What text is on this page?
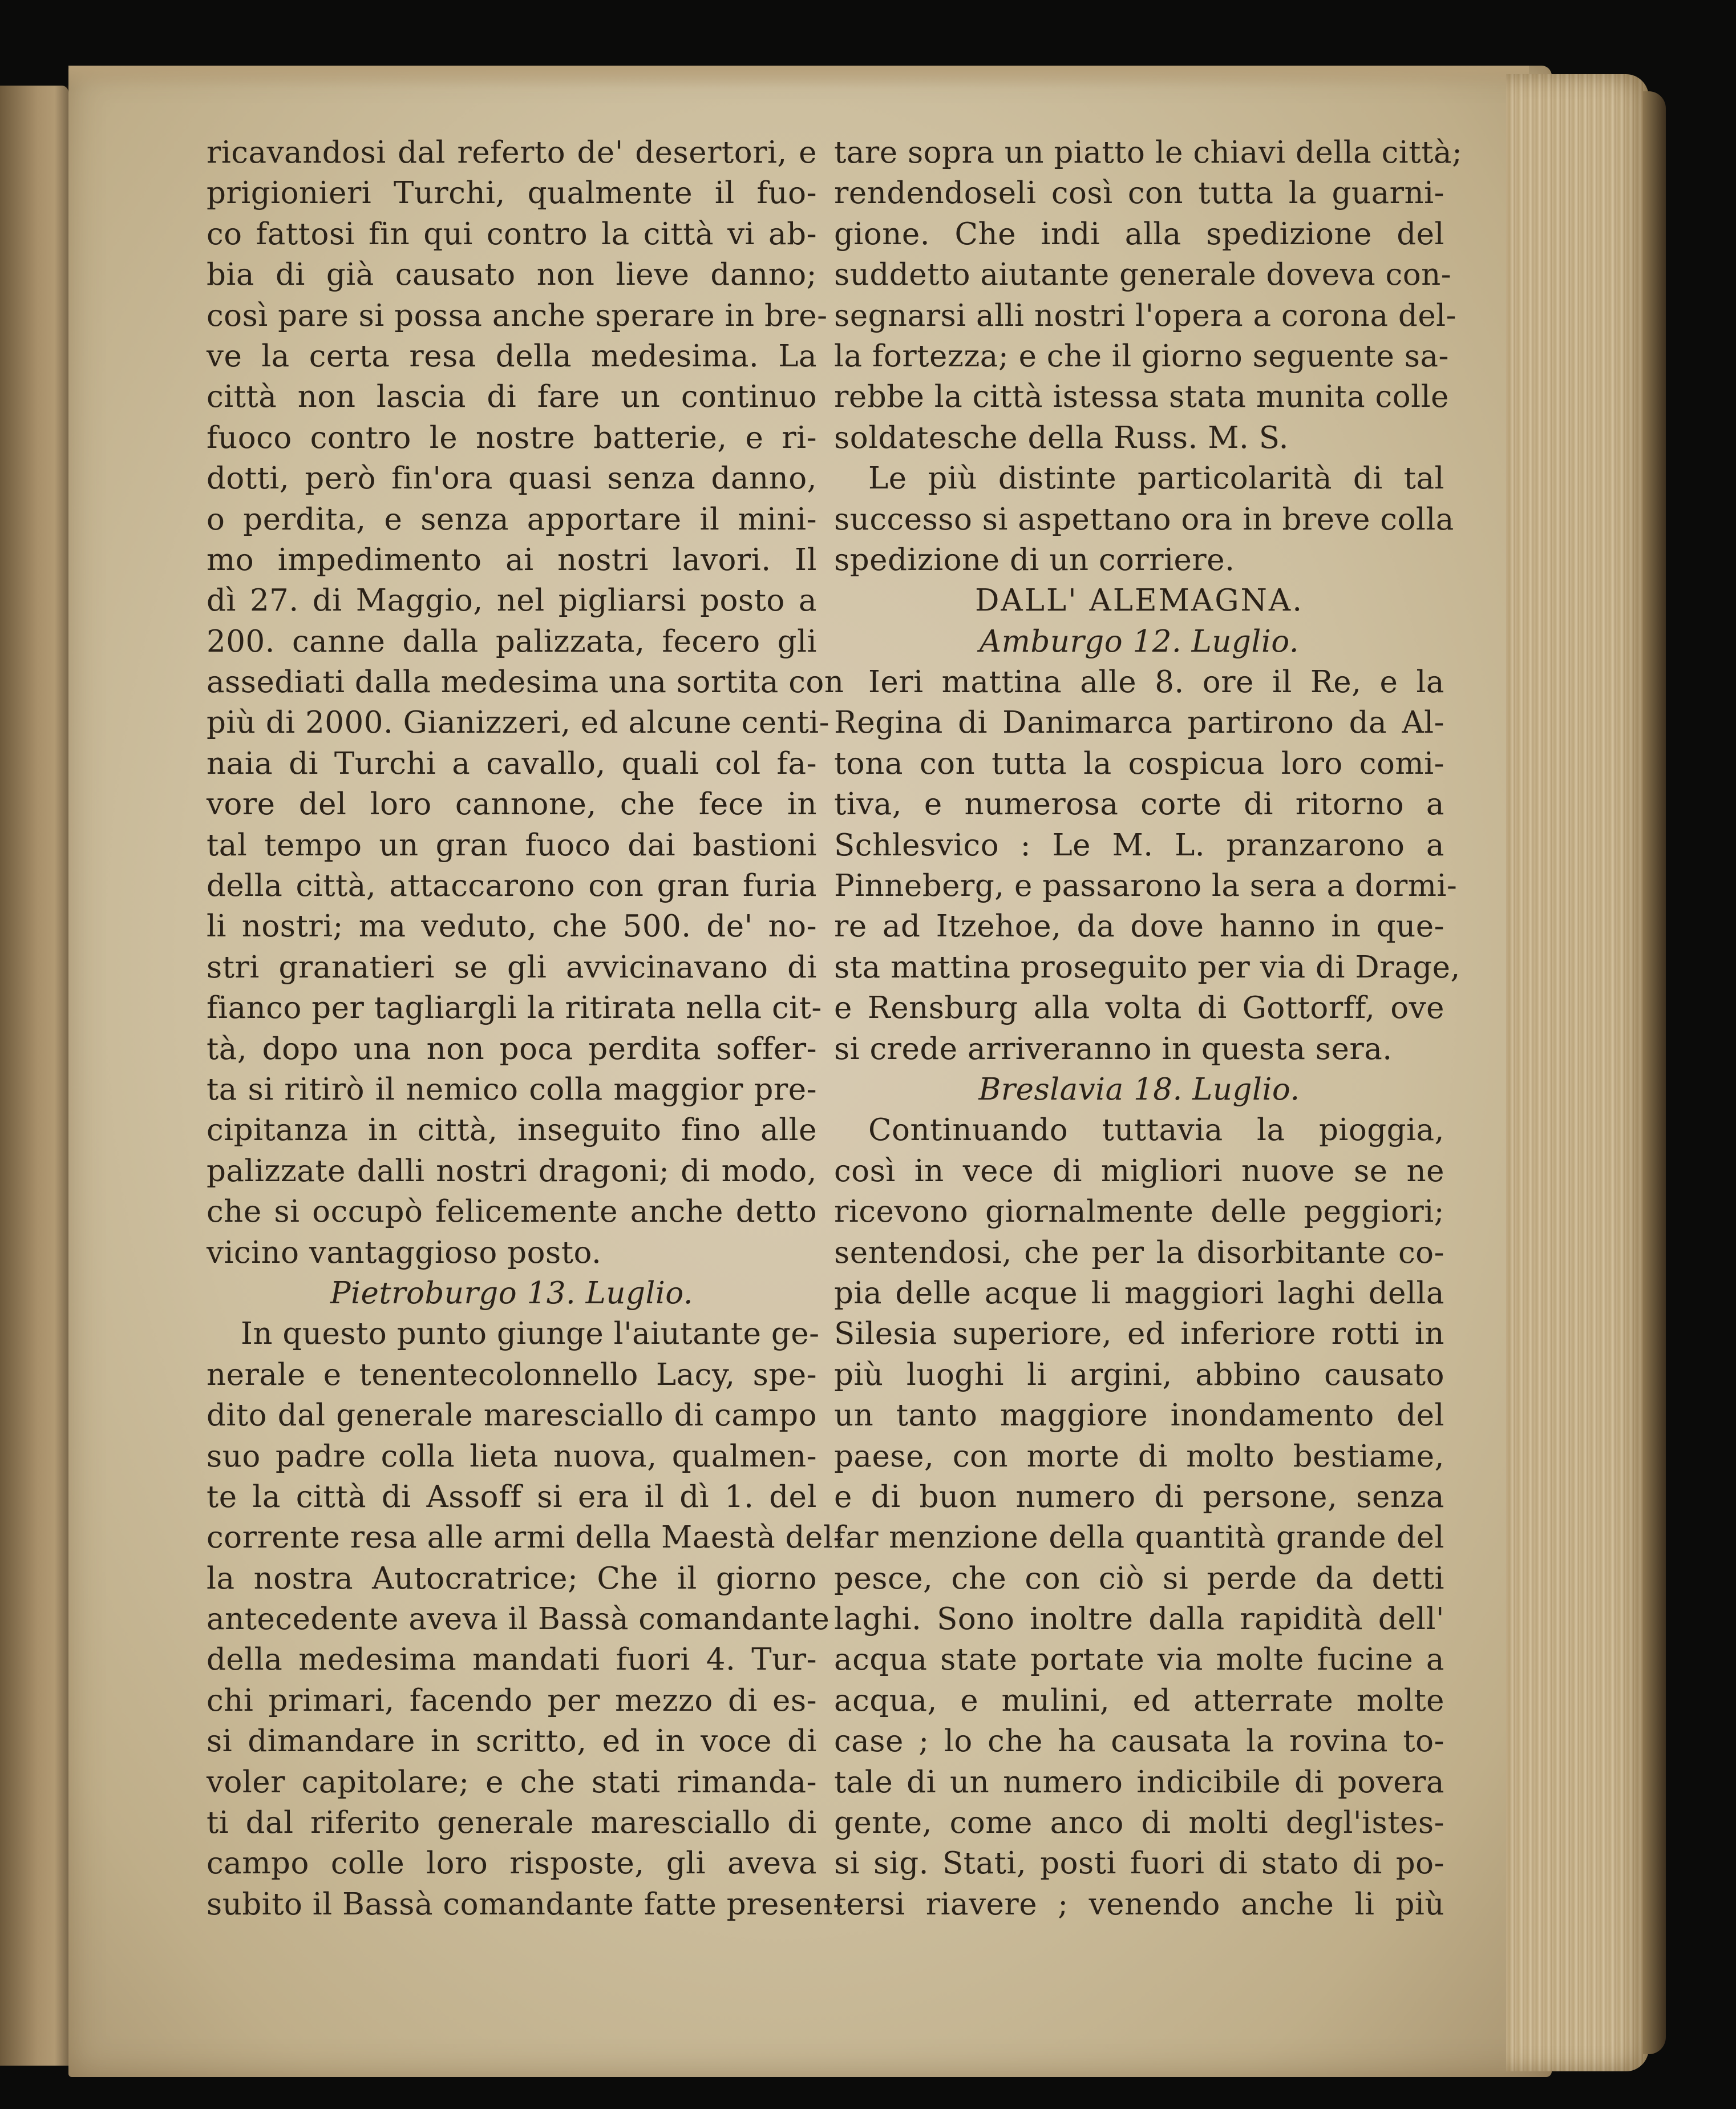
ricavandosi dal referto de' desertori, e
prigionieri Turchi, qualmente il fuo-
co fattosi fin qui contro la città vi ab-
bia di già causato non lieve danno;
così pare si possa anche sperare in bre-
ve la certa resa della medesima. La
città non lascia di fare un continuo
fuoco contro le nostre batterie, e ri-
dotti, però fin'ora quasi senza danno,
o perdita, e senza apportare il mini-
mo impedimento ai nostri lavori. Il
dì 27. di Maggio, nel pigliarsi posto a
200. canne dalla palizzata, fecero gli
assediati dalla medesima una sortita con
più di 2000. Gianizzeri, ed alcune centi-
naia di Turchi a cavallo, quali col fa-
vore del loro cannone, che fece in
tal tempo un gran fuoco dai bastioni
della città, attaccarono con gran furia
li nostri; ma veduto, che 500. de' no-
stri granatieri se gli avvicinavano di
fianco per tagliargli la ritirata nella cit-
tà, dopo una non poca perdita soffer-
ta si ritirò il nemico colla maggior pre-
cipitanza in città, inseguito fino alle
palizzate dalli nostri dragoni; di modo,
che si occupò felicemente anche detto
vicino vantaggioso posto.
Pietroburgo 13. Luglio.
In questo punto giunge l'aiutante ge-
nerale e tenentecolonnello Lacy, spe-
dito dal generale maresciallo di campo
suo padre colla lieta nuova, qualmen-
te la città di Assoff si era il dì 1. del
corrente resa alle armi della Maestà del-
la nostra Autocratrice; Che il giorno
antecedente aveva il Bassà comandante
della medesima mandati fuori 4. Tur-
chi primari, facendo per mezzo di es-
si dimandare in scritto, ed in voce di
voler capitolare; e che stati rimanda-
ti dal riferito generale maresciallo di
campo colle loro risposte, gli aveva
subito il Bassà comandante fatte presen-
tare sopra un piatto le chiavi della città;
rendendoseli così con tutta la guarni-
gione. Che indi alla spedizione del
suddetto aiutante generale doveva con-
segnarsi alli nostri l'opera a corona del-
la fortezza; e che il giorno seguente sa-
rebbe la città istessa stata munita colle
soldatesche della Russ. M. S.
Le più distinte particolarità di tal
successo si aspettano ora in breve colla
spedizione di un corriere.
DALL' ALEMAGNA.
Amburgo 12. Luglio.
Ieri mattina alle 8. ore il Re, e la
Regina di Danimarca partirono da Al-
tona con tutta la cospicua loro comi-
tiva, e numerosa corte di ritorno a
Schlesvico : Le M. L. pranzarono a
Pinneberg, e passarono la sera a dormi-
re ad Itzehoe, da dove hanno in que-
sta mattina proseguito per via di Drage,
e Rensburg alla volta di Gottorff, ove
si crede arriveranno in questa sera.
Breslavia 18. Luglio.
Continuando tuttavia la pioggia,
così in vece di migliori nuove se ne
ricevono giornalmente delle peggiori;
sentendosi, che per la disorbitante co-
pia delle acque li maggiori laghi della
Silesia superiore, ed inferiore rotti in
più luoghi li argini, abbino causato
un tanto maggiore inondamento del
paese, con morte di molto bestiame,
e di buon numero di persone, senza
far menzione della quantità grande del
pesce, che con ciò si perde da detti
laghi. Sono inoltre dalla rapidità dell'
acqua state portate via molte fucine a
acqua, e mulini, ed atterrate molte
case ; lo che ha causata la rovina to-
tale di un numero indicibile di povera
gente, come anco di molti degl'istes-
si sig. Stati, posti fuori di stato di po-
tersi riavere ; venendo anche li più
